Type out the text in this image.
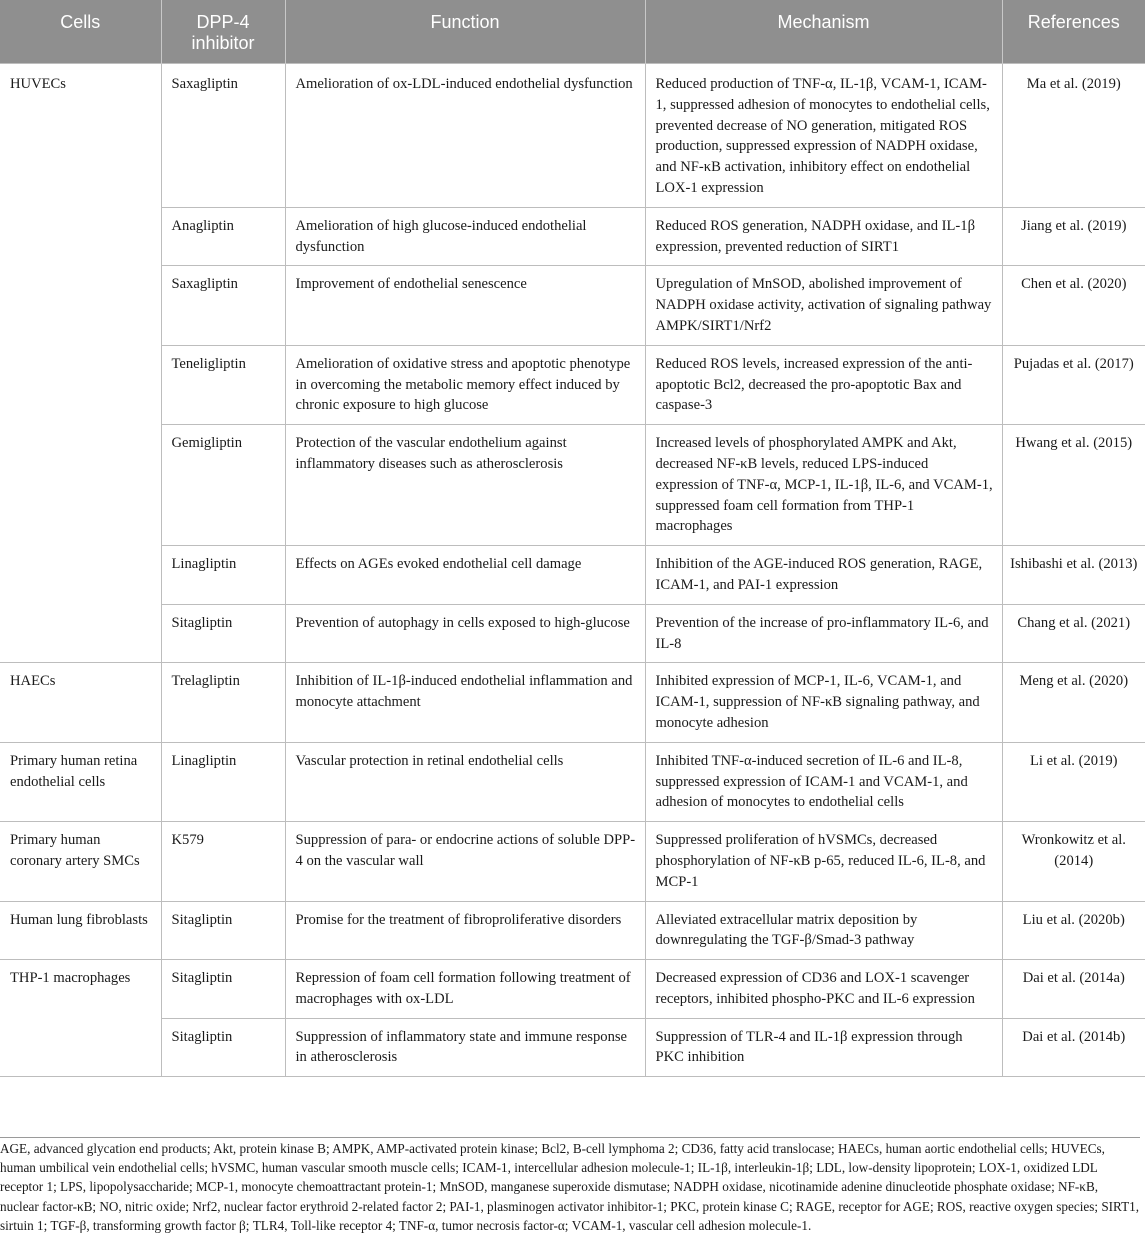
Cells	DPP-4 inhibitor	Function	Mechanism	References
HUVECs	Saxagliptin	Amelioration of ox-LDL-induced endothelial dysfunction	Reduced production of TNF-α, IL-1β, VCAM-1, ICAM-1, suppressed adhesion of monocytes to endothelial cells, prevented decrease of NO generation, mitigated ROS production, suppressed expression of NADPH oxidase, and NF-κB activation, inhibitory effect on endothelial LOX-1 expression	Ma et al. (2019)
	Anagliptin	Amelioration of high glucose-induced endothelial dysfunction	Reduced ROS generation, NADPH oxidase, and IL-1β expression, prevented reduction of SIRT1	Jiang et al. (2019)
	Saxagliptin	Improvement of endothelial senescence	Upregulation of MnSOD, abolished improvement of NADPH oxidase activity, activation of signaling pathway AMPK/SIRT1/Nrf2	Chen et al. (2020)
	Teneligliptin	Amelioration of oxidative stress and apoptotic phenotype in overcoming the metabolic memory effect induced by chronic exposure to high glucose	Reduced ROS levels, increased expression of the anti-apoptotic Bcl2, decreased the pro-apoptotic Bax and caspase-3	Pujadas et al. (2017)
	Gemigliptin	Protection of the vascular endothelium against inflammatory diseases such as atherosclerosis	Increased levels of phosphorylated AMPK and Akt, decreased NF-κB levels, reduced LPS-induced expression of TNF-α, MCP-1, IL-1β, IL-6, and VCAM-1, suppressed foam cell formation from THP-1 macrophages	Hwang et al. (2015)
	Linagliptin	Effects on AGEs evoked endothelial cell damage	Inhibition of the AGE-induced ROS generation, RAGE, ICAM-1, and PAI-1 expression	Ishibashi et al. (2013)
	Sitagliptin	Prevention of autophagy in cells exposed to high-glucose	Prevention of the increase of pro-inflammatory IL-6, and IL-8	Chang et al. (2021)
HAECs	Trelagliptin	Inhibition of IL-1β-induced endothelial inflammation and monocyte attachment	Inhibited expression of MCP-1, IL-6, VCAM-1, and ICAM-1, suppression of NF-κB signaling pathway, and monocyte adhesion	Meng et al. (2020)
Primary human retina endothelial cells	Linagliptin	Vascular protection in retinal endothelial cells	Inhibited TNF-α-induced secretion of IL-6 and IL-8, suppressed expression of ICAM-1 and VCAM-1, and adhesion of monocytes to endothelial cells	Li et al. (2019)
Primary human coronary artery SMCs	K579	Suppression of para- or endocrine actions of soluble DPP-4 on the vascular wall	Suppressed proliferation of hVSMCs, decreased phosphorylation of NF-κB p-65, reduced IL-6, IL-8, and MCP-1	Wronkowitz et al. (2014)
Human lung fibroblasts	Sitagliptin	Promise for the treatment of fibroproliferative disorders	Alleviated extracellular matrix deposition by downregulating the TGF-β/Smad-3 pathway	Liu et al. (2020b)
THP-1 macrophages	Sitagliptin	Repression of foam cell formation following treatment of macrophages with ox-LDL	Decreased expression of CD36 and LOX-1 scavenger receptors, inhibited phospho-PKC and IL-6 expression	Dai et al. (2014a)
	Sitagliptin	Suppression of inflammatory state and immune response in atherosclerosis	Suppression of TLR-4 and IL-1β expression through PKC inhibition	Dai et al. (2014b)
AGE, advanced glycation end products; Akt, protein kinase B; AMPK, AMP-activated protein kinase; Bcl2, B-cell lymphoma 2; CD36, fatty acid translocase; HAECs, human aortic endothelial cells; HUVECs, human umbilical vein endothelial cells; hVSMC, human vascular smooth muscle cells; ICAM-1, intercellular adhesion molecule-1; IL-1β, interleukin-1β; LDL, low-density lipoprotein; LOX-1, oxidized LDL receptor 1; LPS, lipopolysaccharide; MCP-1, monocyte chemoattractant protein-1; MnSOD, manganese superoxide dismutase; NADPH oxidase, nicotinamide adenine dinucleotide phosphate oxidase; NF-κB, nuclear factor-κB; NO, nitric oxide; Nrf2, nuclear factor erythroid 2-related factor 2; PAI-1, plasminogen activator inhibitor-1; PKC, protein kinase C; RAGE, receptor for AGE; ROS, reactive oxygen species; SIRT1, sirtuin 1; TGF-β, transforming growth factor β; TLR4, Toll-like receptor 4; TNF-α, tumor necrosis factor-α; VCAM-1, vascular cell adhesion molecule-1.
